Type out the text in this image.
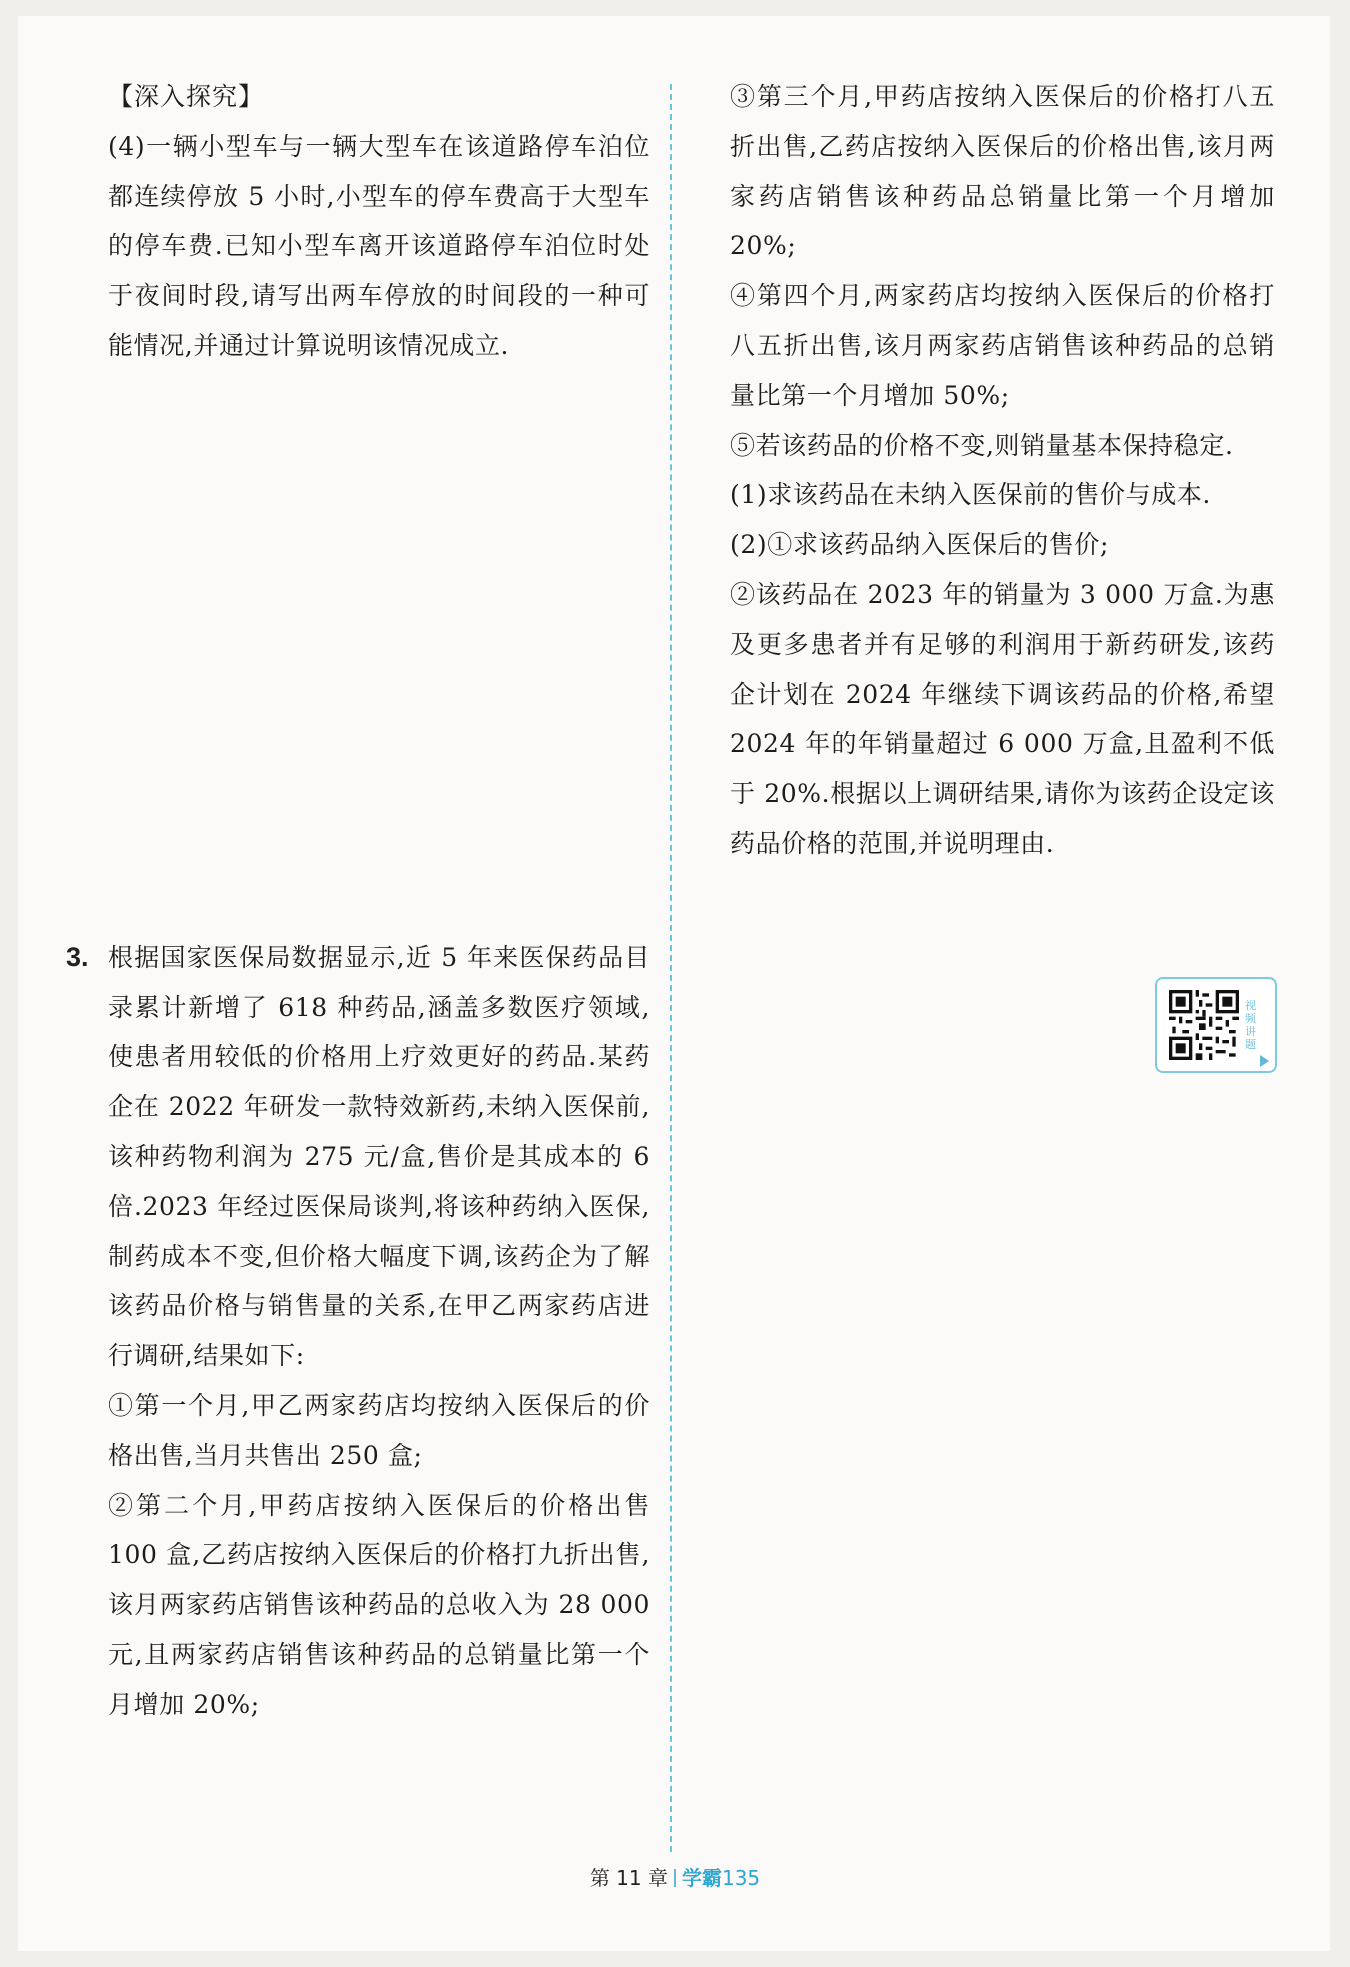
【深入探究】

(4)一辆小型车与一辆大型车在该道路停车泊位都连续停放 5 小时,小型车的停车费高于大型车的停车费.已知小型车离开该道路停车泊位时处于夜间时段,请写出两车停放的时间段的一种可能情况,并通过计算说明该情况成立.

3. 根据国家医保局数据显示,近 5 年来医保药品目录累计新增了 618 种药品,涵盖多数医疗领域,使患者用较低的价格用上疗效更好的药品.某药企在 2022 年研发一款特效新药,未纳入医保前,该种药物利润为 275 元/盒,售价是其成本的 6 倍.2023 年经过医保局谈判,将该种药纳入医保,制药成本不变,但价格大幅度下调,该药企为了解该药品价格与销售量的关系,在甲乙两家药店进行调研,结果如下:

①第一个月,甲乙两家药店均按纳入医保后的价格出售,当月共售出 250 盒;

②第二个月,甲药店按纳入医保后的价格出售 100 盒,乙药店按纳入医保后的价格打九折出售,该月两家药店销售该种药品的总收入为 28 000 元,且两家药店销售该种药品的总销量比第一个月增加 20%;

③第三个月,甲药店按纳入医保后的价格打八五折出售,乙药店按纳入医保后的价格出售,该月两家药店销售该种药品总销量比第一个月增加 20%;

④第四个月,两家药店均按纳入医保后的价格打八五折出售,该月两家药店销售该种药品的总销量比第一个月增加 50%;

⑤若该药品的价格不变,则销量基本保持稳定.

(1)求该药品在未纳入医保前的售价与成本.

(2)①求该药品纳入医保后的售价;

②该药品在 2023 年的销量为 3 000 万盒.为惠及更多患者并有足够的利润用于新药研发,该药企计划在 2024 年继续下调该药品的价格,希望 2024 年的年销量超过 6 000 万盒,且盈利不低于 20%.根据以上调研结果,请你为该药企设定该药品价格的范围,并说明理由.

视频讲题
第 11 章 学霸135
